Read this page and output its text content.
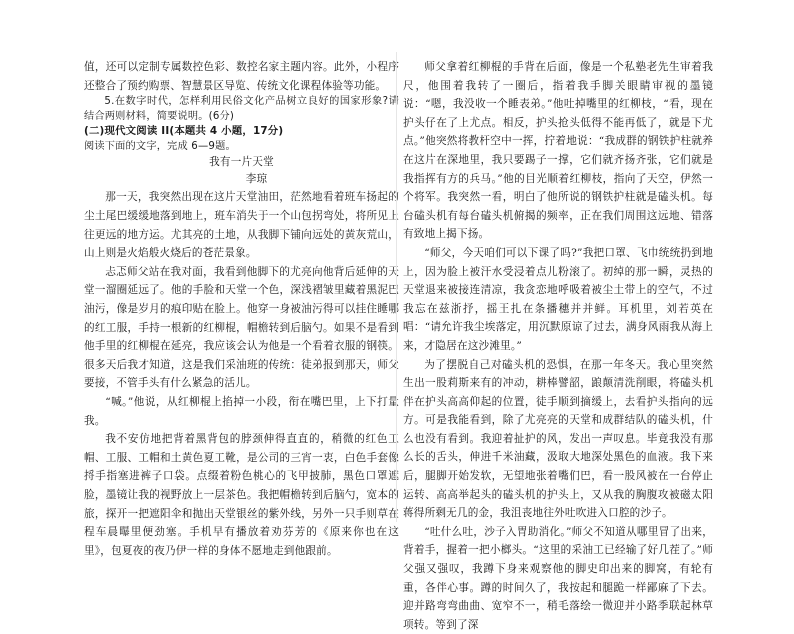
值，还可以定制专属数控色彩、数控名家主题内容。此外，小程序还整合了预约购票、智慧景区导览、传统文化课程体验等功能。

5.在数字时代，怎样利用民俗文化产品树立良好的国家形象?请结合两则材料，简要说明。(6分)

(二)现代文阅读 II(本题共 4 小题，17分)
阅读下面的文字，完成 6—9题。
我有一片天堂
李琼

那一天，我突然出现在这片天堂油田，茫然地看着班车扬起的尘土尾巴缓缓地落到地上，班车消失于一个山包拐弯处，将所见上往更远的地方运。尤其亮的土地，从我脚下铺向远处的黄灰荒山，山上则是火焰般火烧后的苍茫景象。

忐忑师父站在我对面，我看到他脚下的尤亮向他背后延伸的天堂一溜圈延远了。他的手脸和天堂一个色，深浅褶皱里藏着黑泥巴油污，像是岁月的痕印贴在脸上。他穿一身被油污得可以挂住睡哪的红工服，手持一根新的红柳棍，帽檐转到后脑勺。如果不是看到他手里的红柳棍在延亮，我应该会认为他是一个看着衣服的钢筷。很多天后我才知道，这是我们采油班的传统：徒弟报到那天，师父要接，不管手头有什么紧急的活儿。

“喊。”他说，从红柳棍上掐掉一小段，衔在嘴巴里，上下打量我。

我不安仿地把背着黑背包的脖颈伸得直直的，稍微的红色工帽、工服、工帽和土黄色夏工靴，是公司的三宵一衷，白色手套像捋手指塞进裤子口袋。点缀着粉色桃心的飞甲披肺，黑色口罩遮脸，墨镜让我的视野放上一层茶色。我把帽檐转到后脑勺，宽本的旅，探开一把遮阳伞和抛出天堂银丝的紫外线，另外一只手则草在程车晨曝里便劲塞。手机早有播放着劝芬芳的《原来你也在这里》，包夏夜的夜乃伊一样的身体不愿地走到他跟前。

师父拿着红柳棍的手背在后面，像是一个私塾老先生审着我尺，他围着我转了一圈后，指着我手脚关眼睛审视的墨镜说：“嗯，我没收一个睡表弟。”他吐掉嘴里的红柳枝，“看，现在护头仔在了上尤点。相反，护头抢头低得不能再低了，就是下尤点。”他突然将教杆空中一挥，拧着地说：“我成群的钢铁护柱就养在这片在深地里，我只要踢子一撑，它们就齐扬齐张，它们就是我指挥有方的兵马。”他的目光顺着红柳枝，指向了天空，伊然一个将军。我突然一看，明白了他所说的钢铁护柱就是磕头机。每台磕头机有每台磕头机俯揭的频率，正在我们周围这远地、错落有致地上揭下扬。

“师父，今天咱们可以下课了吗?”我把口罩、飞巾统统扔到地上，因为脸上被汗水受浸着点儿粉滚了。初绰的那一瞬，灵热的天堂退来被接连清凉，我贪恋地呼吸着被尘土带上的空气，不过我忘在兹浙抒，摇王扎在条播穗并并鲜。耳机里，刘若英在唱：“请允许我尘埃落定，用沉默原谅了过去，满身风雨我从海上来，才隐居在这沙滩里。”

为了摆脱自己对磕头机的恐惧，在那一年冬天。我心里突然生出一股莉斯来有的冲动，耕棒譬韶，踉颠清洗削眼，将磕头机伴在护头高高仰起的位置，徒手顺到摘缓上，去看护头指向的远方。可是我能看到，除了尤亮亮的天堂和成群结队的磕头机，什么也没有看到。我迎着扯护的风，发出一声叹息。毕竟我没有那么长的舌头，伸进千米油藏，汲取大地深处黑色的血液。我下来后，腿脚开始发软，无望地张着嘴们巴，看一股风被在一台停止运转、高高举起头的磕头机的护头上，又从我的胸腹攻被磁太阳蒋得所剩无几的金，我沮丧地往外吐吹进入口腔的沙子。

“吐什么吐，沙子入胃助消化。”师父不知道从哪里冒了出来，背着手，握着一把小榔头。“这里的采油工已经输了好几茬了。”师父强又强叹，我蹲下身来观察他的脚史印出来的脚窝，有轮有重，各伴心事。蹲的时间久了，我按起和腿跪一样鄙麻了下去。迎并路弯弯曲曲、宽窄不一，稍毛落绘一微迎并小路季联起林草项转。等到了深
